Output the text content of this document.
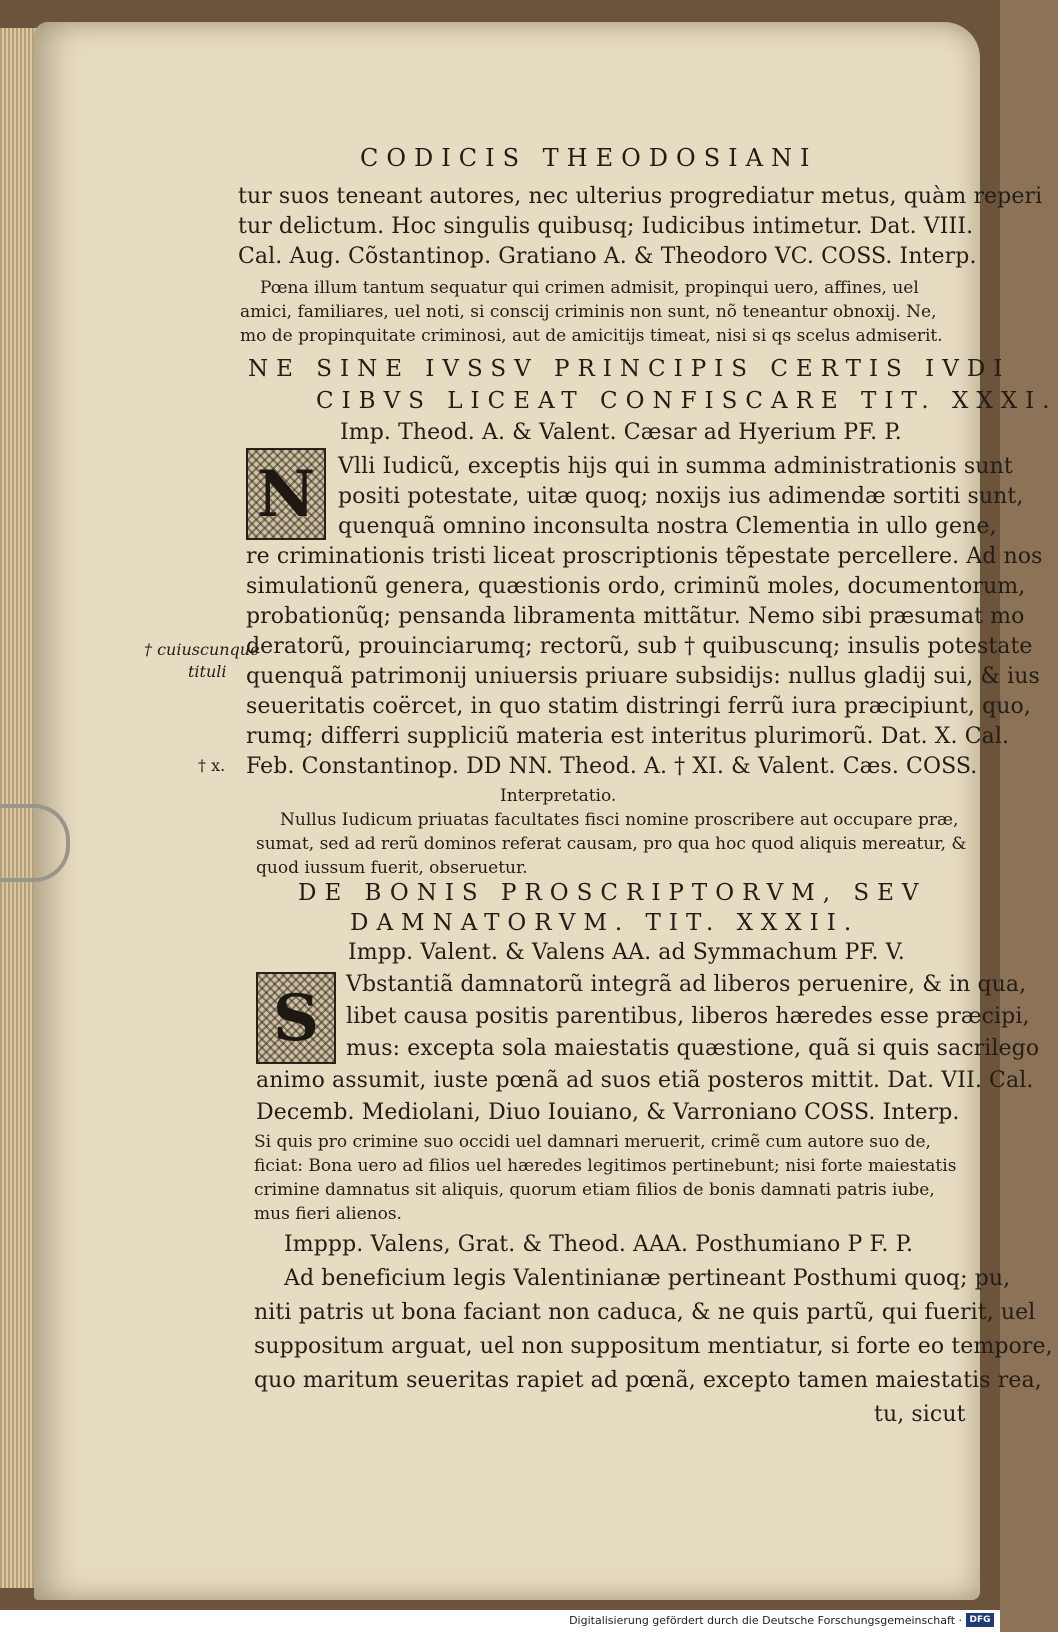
CODICIS THEODOSIANI
tur suos teneant autores, nec ulterius progrediatur metus, quàm reperi
tur delictum. Hoc singulis quibusq; Iudicibus intimetur. Dat. VIII.
Cal. Aug. Cõstantinop. Gratiano A. & Theodoro VC. COSS. Interp.
Pœna illum tantum sequatur qui crimen admisit, propinqui uero, affines, uel
amici, familiares, uel noti, si conscij criminis non sunt, nõ teneantur obnoxij. Ne,
mo de propinquitate criminosi, aut de amicitijs timeat, nisi si qs scelus admiserit.
NE SINE IVSSV PRINCIPIS CERTIS IVDI
CIBVS LICEAT CONFISCARE TIT. XXXI.
Imp. Theod. A. & Valent. Cæsar ad Hyerium PF. P.
N	Vlli Iudicũ, exceptis hijs qui in summa administrationis sunt
positi potestate, uitæ quoq; noxijs ius adimendæ sortiti sunt,
quenquã omnino inconsulta nostra Clementia in ullo gene,
re criminationis tristi liceat proscriptionis tẽpestate percellere. Ad nos
simulationũ genera, quæstionis ordo, criminũ moles, documentorum,
probationũq; pensanda libramenta mittãtur. Nemo sibi præsumat mo
deratorũ, prouinciarumq; rectorũ, sub † quibuscunq; insulis potestate
quenquã patrimonij uniuersis priuare subsidijs: nullus gladij sui, & ius
seueritatis coërcet, in quo statim distringi ferrũ iura præcipiunt, quo,
rumq; differri suppliciũ materia est interitus plurimorũ. Dat. X. Cal.
Feb. Constantinop. DD NN. Theod. A. † XI. & Valent. Cæs. COSS.
† cuiuscunque
tituli
† x.
Interpretatio.
Nullus Iudicum priuatas facultates fisci nomine proscribere aut occupare præ,
sumat, sed ad rerũ dominos referat causam, pro qua hoc quod aliquis mereatur, &
quod iussum fuerit, obseruetur.
DE BONIS PROSCRIPTORVM, SEV
DAMNATORVM. TIT. XXXII.
Impp. Valent. & Valens AA. ad Symmachum PF. V.
S	Vbstantiã damnatorũ integrã ad liberos peruenire, & in qua,
libet causa positis parentibus, liberos hæredes esse præcipi,
mus: excepta sola maiestatis quæstione, quã si quis sacrilego
animo assumit, iuste pœnã ad suos etiã posteros mittit. Dat. VII. Cal.
Decemb. Mediolani, Diuo Iouiano, & Varroniano COSS. Interp.
Si quis pro crimine suo occidi uel damnari meruerit, crimẽ cum autore suo de,
ficiat: Bona uero ad filios uel hæredes legitimos pertinebunt; nisi forte maiestatis
crimine damnatus sit aliquis, quorum etiam filios de bonis damnati patris iube,
mus fieri alienos.
Imppp. Valens, Grat. & Theod. AAA. Posthumiano P F. P.
Ad beneficium legis Valentinianæ pertineant Posthumi quoq; pu,
niti patris ut bona faciant non caduca, & ne quis partũ, qui fuerit, uel
suppositum arguat, uel non suppositum mentiatur, si forte eo tempore,
quo maritum seueritas rapiet ad pœnã, excepto tamen maiestatis rea,
tu, sicut
Digitalisierung gefördert durch die Deutsche Forschungsgemeinschaft · DFG
